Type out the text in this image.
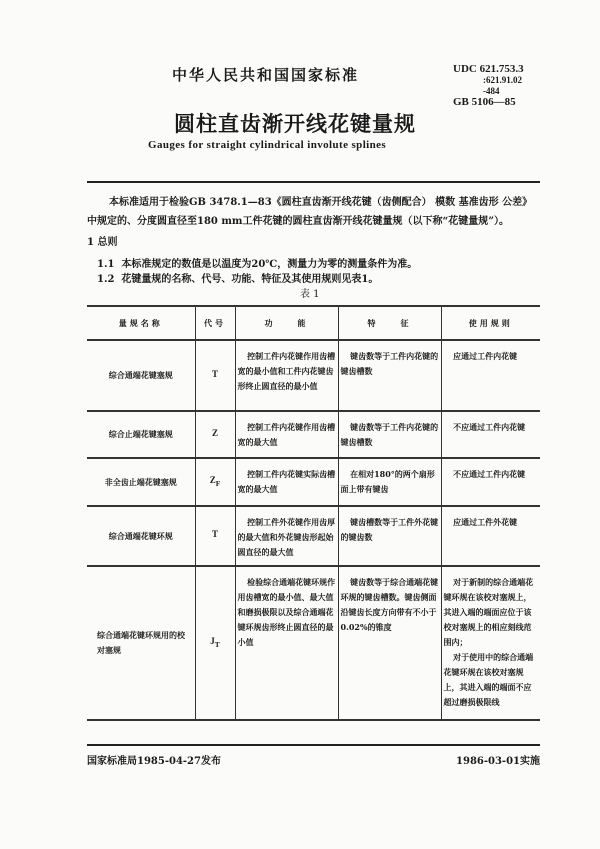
中华人民共和国国家标准	UDC 621.753.3
:621.91.02
-484
GB 5106—85
圆柱直齿渐开线花键量规
Gauges for straight cylindrical involute splines
本标准适用于检验GB 3478.1—83《圆柱直齿渐开线花键（齿侧配合） 模数 基准齿形 公差》
中规定的、分度圆直径至180 mm工件花键的圆柱直齿渐开线花键量规（以下称“花键量规”）。
1 总则
1.1 本标准规定的数值是以温度为20℃，测量力为零的测量条件为准。
1.2 花键量规的名称、代号、功能、特征及其使用规则见表1。
表 1
量规名称	代号	功　　能	特　　征	使用规则
综合通端花键塞规	T	控制工件内花键作用齿槽宽的最小值和工件内花键齿形终止圆直径的最小值	键齿数等于工件内花键的键齿槽数	应通过工件内花键
综合止端花键塞规	Z	控制工件内花键作用齿槽宽的最大值	键齿数等于工件内花键的键齿槽数	不应通过工件内花键
非全齿止端花键塞规	$Z_F$	控制工件内花键实际齿槽宽的最大值	在相对180°的两个扇形面上带有键齿	不应通过工件内花键
综合通端花键环规	T	控制工件外花键作用齿厚的最大值和外花键齿形起始圆直径的最大值	键齿槽数等于工件外花键的键齿数	应通过工件外花键
综合通端花键环规用的校对塞规	$J_T$	检验综合通端花键环规作用齿槽宽的最小值、最大值和磨损极限以及综合通端花键环规齿形终止圆直径的最小值	键齿数等于综合通端花键环规的键齿槽数。键齿侧面沿键齿长度方向带有不小于0.02%的锥度	对于新制的综合通端花键环规在该校对塞规上，其进入端的端面应位于该校对塞规上的相应刻线范围内；
对于使用中的综合通端花键环规在该校对塞规上，其进入端的端面不应超过磨损极限线
国家标准局1985-04-27发布	1986-03-01实施
